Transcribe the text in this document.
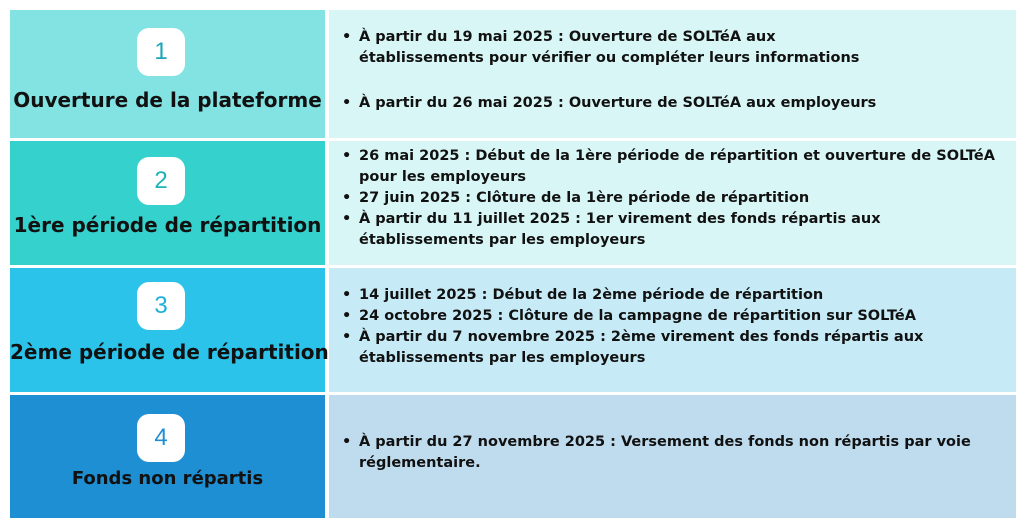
1
Ouverture de la plateforme
• À partir du 19 mai 2025 : Ouverture de SOLTéA aux établissements pour vérifier ou compléter leurs informations
• À partir du 26 mai 2025 : Ouverture de SOLTéA aux employeurs
2
1ère période de répartition
• 26 mai 2025 : Début de la 1ère période de répartition et ouverture de SOLTéA pour les employeurs
• 27 juin 2025 : Clôture de la 1ère période de répartition
• À partir du 11 juillet 2025 : 1er virement des fonds répartis aux établissements par les employeurs
3
2ème période de répartition
• 14 juillet 2025 : Début de la 2ème période de répartition
• 24 octobre 2025 : Clôture de la campagne de répartition sur SOLTéA
• À partir du 7 novembre 2025 : 2ème virement des fonds répartis aux établissements par les employeurs
4
Fonds non répartis
• À partir du 27 novembre 2025 : Versement des fonds non répartis par voie réglementaire.
